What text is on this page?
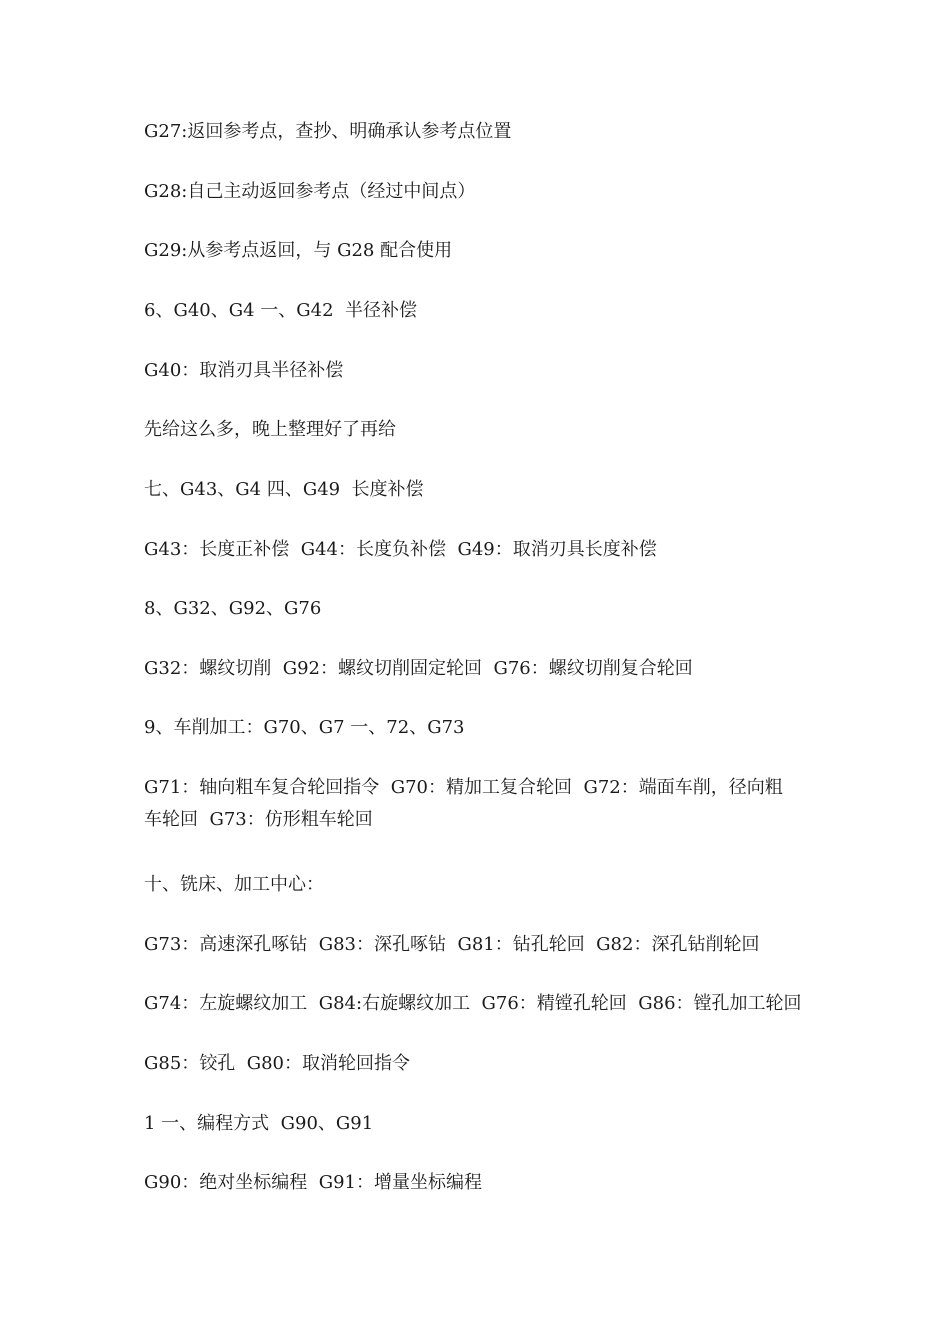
G27:返回参考点，查抄、明确承认参考点位置

G28:自己主动返回参考点（经过中间点）

G29:从参考点返回，与 G28 配合使用

6、G40、G4 一、G42  半径补偿

G40：取消刃具半径补偿

先给这么多，晚上整理好了再给

七、G43、G4 四、G49  长度补偿

G43：长度正补偿  G44：长度负补偿  G49：取消刃具长度补偿

8、G32、G92、G76

G32：螺纹切削  G92：螺纹切削固定轮回  G76：螺纹切削复合轮回

9、车削加工：G70、G7 一、72、G73

G71：轴向粗车复合轮回指令  G70：精加工复合轮回  G72：端面车削，径向粗
车轮回  G73：仿形粗车轮回

十、铣床、加工中心：

G73：高速深孔啄钻  G83：深孔啄钻  G81：钻孔轮回  G82：深孔钻削轮回

G74：左旋螺纹加工  G84:右旋螺纹加工  G76：精镗孔轮回  G86：镗孔加工轮回

G85：铰孔  G80：取消轮回指令

1 一、编程方式  G90、G91

G90：绝对坐标编程  G91：增量坐标编程
